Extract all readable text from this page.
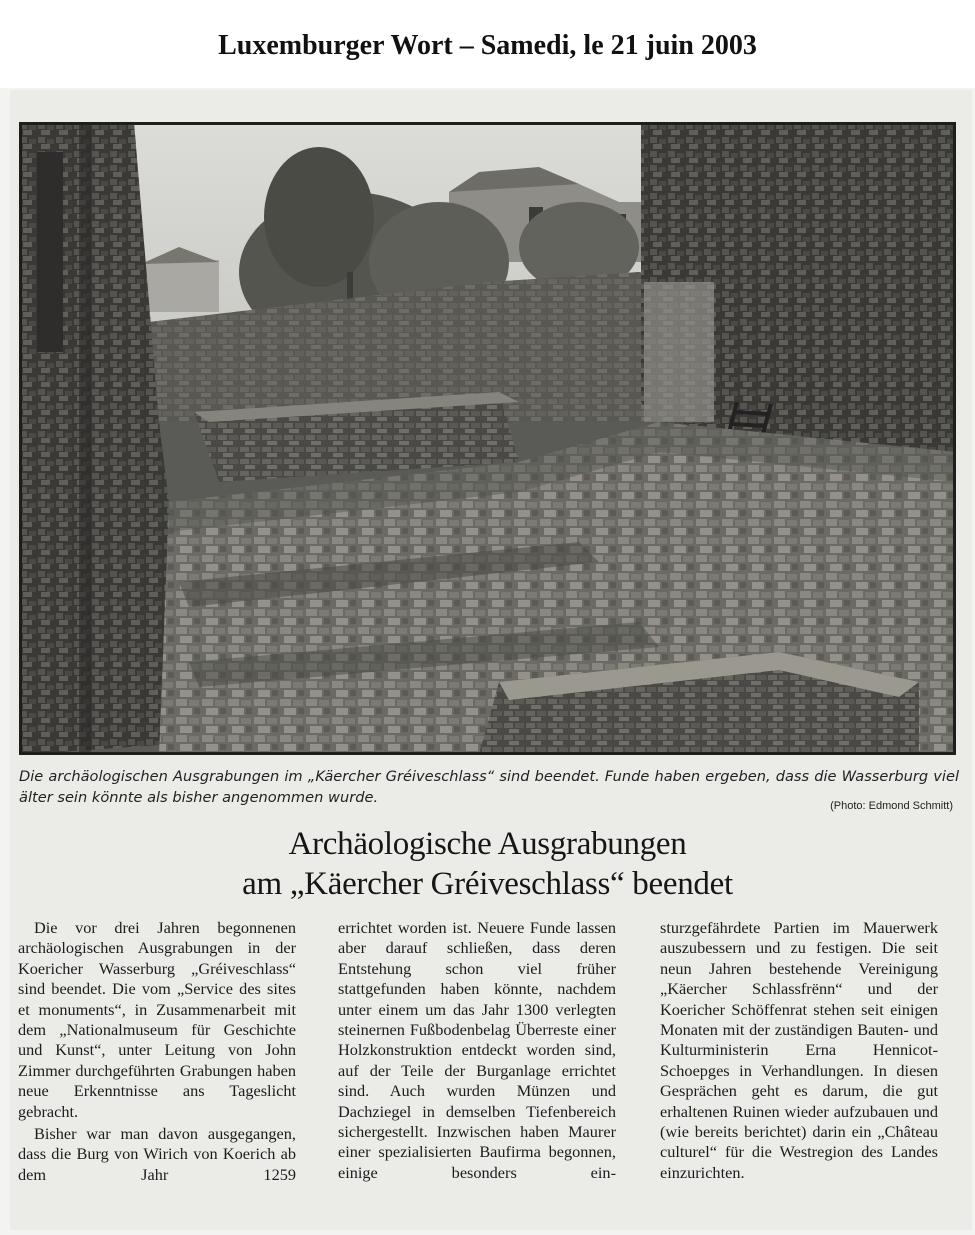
Luxemburger Wort – Samedi, le 21 juin 2003
Die archäologischen Ausgrabungen im „Käercher Gréiveschlass“ sind beendet. Funde haben ergeben, dass die Wasserburg viel älter sein könnte als bisher angenommen wurde.	(Photo: Edmond Schmitt)
Archäologische Ausgrabungen
am „Käercher Gréiveschlass“ beendet

Die vor drei Jahren begonnenen archäologischen Ausgrabungen in der Koericher Wasserburg „Gréiveschlass“ sind beendet. Die vom „Service des sites et monuments“, in Zusammenarbeit mit dem „Nationalmuseum für Geschichte und Kunst“, unter Leitung von John Zimmer durchgeführten Grabungen haben neue Erkenntnisse ans Tageslicht gebracht.

Bisher war man davon ausgegangen, dass die Burg von Wirich von Koerich ab dem Jahr 1259

errichtet worden ist. Neuere Funde lassen aber darauf schließen, dass deren Entstehung schon viel früher stattgefunden haben könnte, nachdem unter einem um das Jahr 1300 verlegten steinernen Fußbodenbelag Überreste einer Holzkonstruktion entdeckt worden sind, auf der Teile der Burganlage errichtet sind. Auch wurden Münzen und Dachziegel in demselben Tiefenbereich sichergestellt. Inzwischen haben Maurer einer spezialisierten Baufirma begonnen, einige besonders ein-

sturzgefährdete Partien im Mauerwerk auszubessern und zu festigen. Die seit neun Jahren bestehende Vereinigung „Käercher Schlassfrënn“ und der Koericher Schöffenrat stehen seit einigen Monaten mit der zuständigen Bauten- und Kulturministerin Erna Hennicot-Schoepges in Verhandlungen. In diesen Gesprächen geht es darum, die gut erhaltenen Ruinen wieder aufzubauen und (wie bereits berichtet) darin ein „Château culturel“ für die Westregion des Landes einzurichten.
